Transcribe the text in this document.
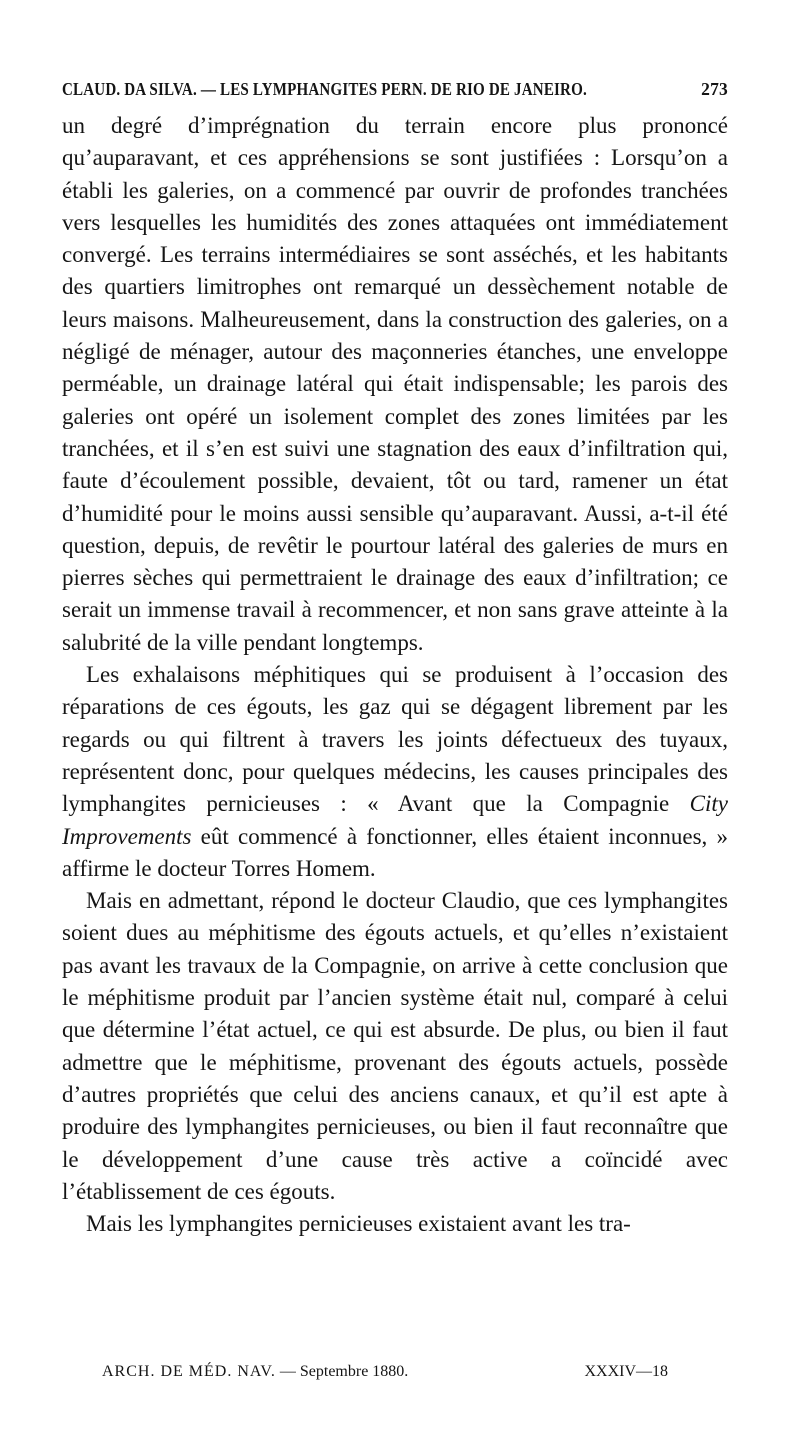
CLAUD. DA SILVA. — LES LYMPHANGITES PERN. DE RIO DE JANEIRO.	273

un degré d’imprégnation du terrain encore plus prononcé qu’auparavant, et ces appréhensions se sont justifiées : Lorsqu’on a établi les galeries, on a commencé par ouvrir de profondes tranchées vers lesquelles les humidités des zones attaquées ont immédiatement convergé. Les terrains intermédiaires se sont asséchés, et les habitants des quartiers limitrophes ont remarqué un dessèchement notable de leurs maisons. Malheureusement, dans la construction des galeries, on a négligé de ménager, autour des maçonneries étanches, une enveloppe perméable, un drainage latéral qui était indispensable; les parois des galeries ont opéré un isolement complet des zones limitées par les tranchées, et il s’en est suivi une stagnation des eaux d’infiltration qui, faute d’écoulement possible, devaient, tôt ou tard, ramener un état d’humidité pour le moins aussi sensible qu’auparavant. Aussi, a-t-il été question, depuis, de revêtir le pourtour latéral des galeries de murs en pierres sèches qui permettraient le drainage des eaux d’infiltration; ce serait un immense travail à recommencer, et non sans grave atteinte à la salubrité de la ville pendant longtemps.

Les exhalaisons méphitiques qui se produisent à l’occasion des réparations de ces égouts, les gaz qui se dégagent librement par les regards ou qui filtrent à travers les joints défectueux des tuyaux, représentent donc, pour quelques médecins, les causes principales des lymphangites pernicieuses : « Avant que la Compagnie City Improvements eût commencé à fonctionner, elles étaient inconnues, » affirme le docteur Torres Homem.

Mais en admettant, répond le docteur Claudio, que ces lymphangites soient dues au méphitisme des égouts actuels, et qu’elles n’existaient pas avant les travaux de la Compagnie, on arrive à cette conclusion que le méphitisme produit par l’ancien système était nul, comparé à celui que détermine l’état actuel, ce qui est absurde. De plus, ou bien il faut admettre que le méphitisme, provenant des égouts actuels, possède d’autres propriétés que celui des anciens canaux, et qu’il est apte à produire des lymphangites pernicieuses, ou bien il faut reconnaître que le développement d’une cause très active a coïncidé avec l’établissement de ces égouts.

Mais les lymphangites pernicieuses existaient avant les tra-

ARCH. DE MÉD. NAV. — Septembre 1880.	XXXIV—18
